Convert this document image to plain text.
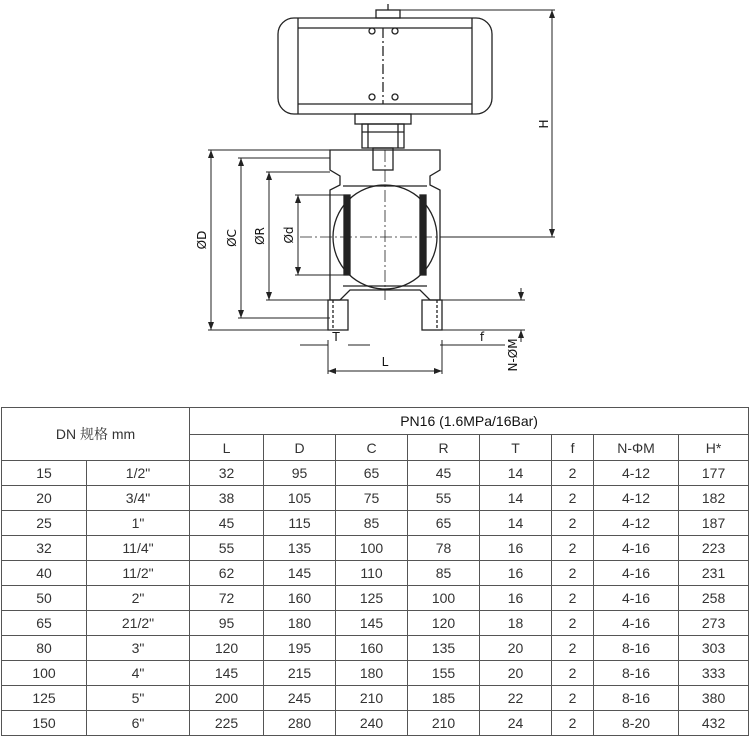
ØD ØC ØR Ød
H
L
T	f
N-ØM
DN 规格 mm		PN16 (1.6MPa/16Bar)							
		L	D	C	R	T	f	N-ΦM	H*
15	1/2"	32	95	65	45	14	2	4-12	177
20	3/4"	38	105	75	55	14	2	4-12	182
25	1"	45	115	85	65	14	2	4-12	187
32	11/4"	55	135	100	78	16	2	4-16	223
40	11/2"	62	145	110	85	16	2	4-16	231
50	2"	72	160	125	100	16	2	4-16	258
65	21/2"	95	180	145	120	18	2	4-16	273
80	3"	120	195	160	135	20	2	8-16	303
100	4"	145	215	180	155	20	2	8-16	333
125	5"	200	245	210	185	22	2	8-16	380
150	6"	225	280	240	210	24	2	8-20	432
